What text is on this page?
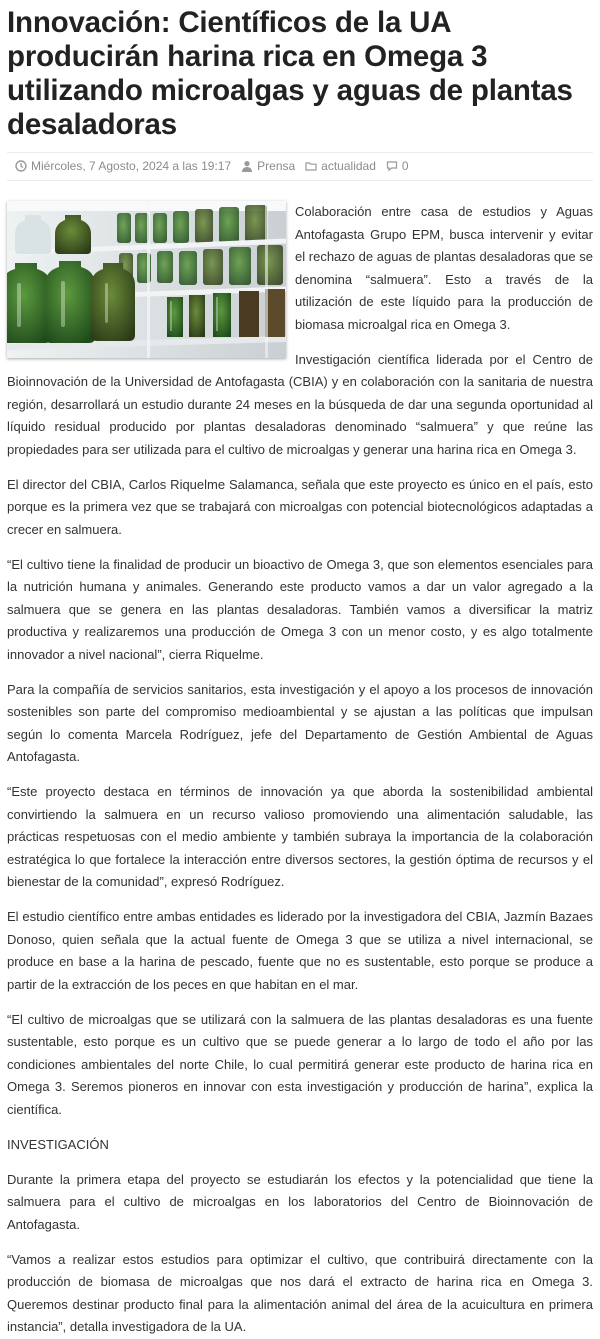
Innovación: Científicos de la UA producirán harina rica en Omega 3 utilizando microalgas y aguas de plantas desaladoras
Miércoles, 7 Agosto, 2024 a las 19:17 Prensa actualidad 0

Colaboración entre casa de estudios y Aguas Antofagasta Grupo EPM, busca intervenir y evitar el rechazo de aguas de plantas desaladoras que se denomina “salmuera”. Esto a través de la utilización de este líquido para la producción de biomasa microalgal rica en Omega 3.

Investigación científica liderada por el Centro de Bioinnovación de la Universidad de Antofagasta (CBIA) y en colaboración con la sanitaria de nuestra región, desarrollará un estudio durante 24 meses en la búsqueda de dar una segunda oportunidad al líquido residual producido por plantas desaladoras denominado “salmuera” y que reúne las propiedades para ser utilizada para el cultivo de microalgas y generar una harina rica en Omega 3.

El director del CBIA, Carlos Riquelme Salamanca, señala que este proyecto es único en el país, esto porque es la primera vez que se trabajará con microalgas con potencial biotecnológicos adaptadas a crecer en salmuera.

“El cultivo tiene la finalidad de producir un bioactivo de Omega 3, que son elementos esenciales para la nutrición humana y animales. Generando este producto vamos a dar un valor agregado a la salmuera que se genera en las plantas desaladoras. También vamos a diversificar la matriz productiva y realizaremos una producción de Omega 3 con un menor costo, y es algo totalmente innovador a nivel nacional”, cierra Riquelme.

Para la compañía de servicios sanitarios, esta investigación y el apoyo a los procesos de innovación sostenibles son parte del compromiso medioambiental y se ajustan a las políticas que impulsan según lo comenta Marcela Rodríguez, jefe del Departamento de Gestión Ambiental de Aguas Antofagasta.

“Este proyecto destaca en términos de innovación ya que aborda la sostenibilidad ambiental convirtiendo la salmuera en un recurso valioso promoviendo una alimentación saludable, las prácticas respetuosas con el medio ambiente y también subraya la importancia de la colaboración estratégica lo que fortalece la interacción entre diversos sectores, la gestión óptima de recursos y el bienestar de la comunidad”, expresó Rodríguez.

El estudio científico entre ambas entidades es liderado por la investigadora del CBIA, Jazmín Bazaes Donoso, quien señala que la actual fuente de Omega 3 que se utiliza a nivel internacional, se produce en base a la harina de pescado, fuente que no es sustentable, esto porque se produce a partir de la extracción de los peces en que habitan en el mar.

“El cultivo de microalgas que se utilizará con la salmuera de las plantas desaladoras es una fuente sustentable, esto porque es un cultivo que se puede generar a lo largo de todo el año por las condiciones ambientales del norte Chile, lo cual permitirá generar este producto de harina rica en Omega 3. Seremos pioneros en innovar con esta investigación y producción de harina”, explica la científica.

INVESTIGACIÓN

Durante la primera etapa del proyecto se estudiarán los efectos y la potencialidad que tiene la salmuera para el cultivo de microalgas en los laboratorios del Centro de Bioinnovación de Antofagasta.

“Vamos a realizar estos estudios para optimizar el cultivo, que contribuirá directamente con la producción de biomasa de microalgas que nos dará el extracto de harina rica en Omega 3. Queremos destinar producto final para la alimentación animal del área de la acuicultura en primera instancia”, detalla investigadora de la UA.
